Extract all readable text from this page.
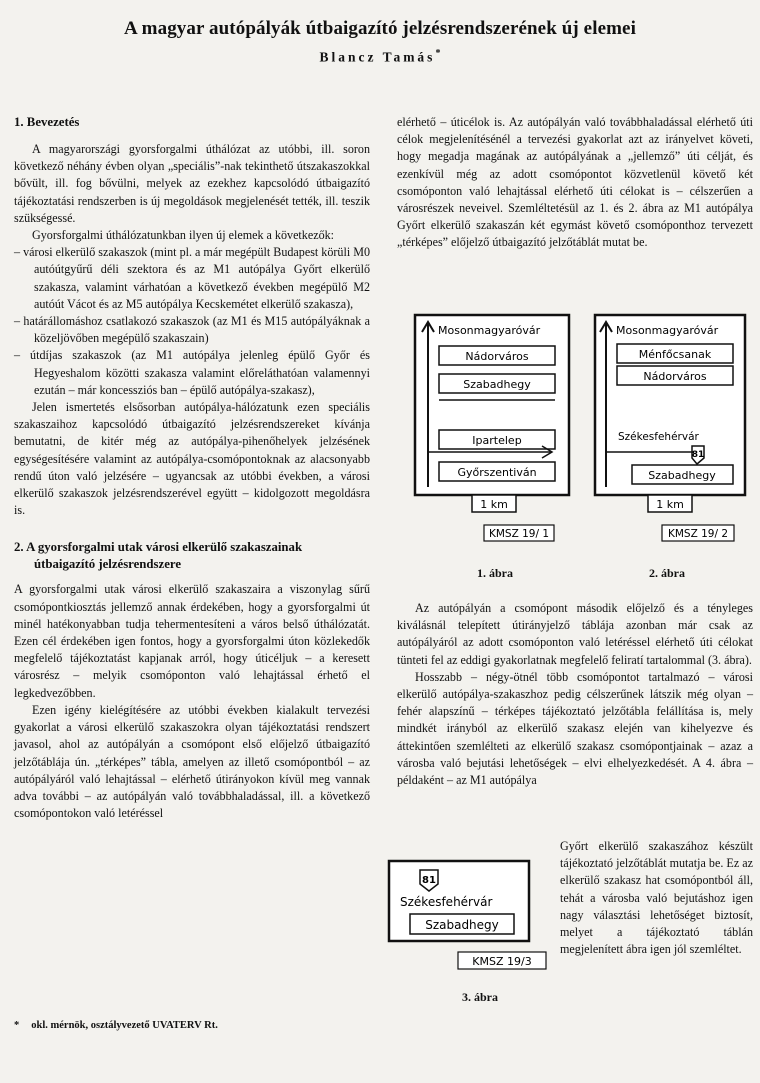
A magyar autópályák útbaigazító jelzésrendszerének új elemei
Blancz Tamás*
1. Bevezetés

A magyarországi gyorsforgalmi úthálózat az utóbbi, ill. soron következő néhány évben olyan „speciális”-nak tekinthető útszakaszokkal bővült, ill. fog bővülni, melyek az ezekhez kapcsolódó útbaigazító tájékoztatási rendszerben is új megoldások megjelenését tették, ill. teszik szükségessé.

Gyorsforgalmi úthálózatunkban ilyen új elemek a következők:

– városi elkerülő szakaszok (mint pl. a már megépült Budapest körüli M0 autóútgyűrű déli szektora és az M1 autópálya Győrt elkerülő szakasza, valamint várhatóan a következő években megépülő M2 autóút Vácot és az M5 autópálya Kecskemétet elkerülő szakasza),
– határállomáshoz csatlakozó szakaszok (az M1 és M15 autópályáknak a közeljövőben megépülő szakaszain)
– útdíjas szakaszok (az M1 autópálya jelenleg épülő Győr és Hegyeshalom közötti szakasza valamint előreláthatóan valamennyi ezután – már koncessziós ban – épülő autópálya-szakasz),

Jelen ismertetés elsősorban autópálya-hálózatunk ezen speciális szakaszaihoz kapcsolódó útbaigazító jelzésrendszereket kívánja bemutatni, de kitér még az autópálya-pihenőhelyek jelzésének egységesítésére valamint az autópálya-csomópontoknak az alacsonyabb rendű úton való jelzésére – ugyancsak az utóbbi években, a városi elkerülő szakaszok jelzésrendszerével együtt – kidolgozott megoldásra is.

2. A gyorsforgalmi utak városi elkerülő szakaszainak
útbaigazító jelzésrendszere

A gyorsforgalmi utak városi elkerülő szakaszaira a viszonylag sűrű csomópontkiosztás jellemző annak érdekében, hogy a gyorsforgalmi út minél hatékonyabban tudja tehermentesíteni a város belső úthálózatát. Ezen cél érdekében igen fontos, hogy a gyorsforgalmi úton közlekedők megfelelő tájékoztatást kapjanak arról, hogy úticéljuk – a keresett városrész – melyik csomóponton való lehajtással érhető el legkedvezőbben.

Ezen igény kielégítésére az utóbbi években kialakult tervezési gyakorlat a városi elkerülő szakaszokra olyan tájékoztatási rendszert javasol, ahol az autópályán a csomópont első előjelző útbaigazító jelzőtáblája ún. „térképes” tábla, amelyen az illető csomópontból – az autópályáról való lehajtással – elérhető útirányokon kívül meg vannak adva további – az autópályán való továbbhaladással, ill. a következő csomópontokon való letéréssel

elérhető – úticélok is. Az autópályán való továbbhaladással elérhető úti célok megjelenítésénél a tervezési gyakorlat azt az irányelvet követi, hogy megadja magának az autópályának a „jellemző” úti célját, és ezenkívül még az adott csomópontot közvetlenül követő két csomóponton való lehajtással elérhető úti célokat is – célszerűen a városrészek neveivel. Szemléltetésül az 1. és 2. ábra az M1 autópálya Győrt elkerülő szakaszán két egymást követő csomóponthoz tervezett „térképes” előjelző útbaigazító jelzőtáblát mutat be.

Mosonmagyaróvár
Nádorváros
Szabadhegy
Ipartelep
Győrszentiván
1 km
KMSZ 19/ 1
1. ábra
Mosonmagyaróvár
Ménfőcsanak
Nádorváros
Székesfehérvár
81
Szabadhegy
1 km
KMSZ 19/ 2
2. ábra

Az autópályán a csomópont második előjelző és a tényleges kiválásnál telepített útirányjelző táblája azonban már csak az autópályáról az adott csomóponton való letéréssel elérhető úti célokat tünteti fel az eddigi gyakorlatnak megfelelő feliratí tartalommal (3. ábra).

Hosszabb – négy-ötnél több csomópontot tartalmazó – városi elkerülő autópálya-szakaszhoz pedig célszerűnek látszik még olyan – fehér alapszínű – térképes tájékoztató jelzőtábla felállítása is, mely mindkét irányból az elkerülő szakasz elején van kihelyezve és áttekintően szemlélteti az elkerülő szakasz csomópontjainak – azaz a városba való bejutási lehetőségek – elvi elhelyezkedését. A 4. ábra – példaként – az M1 autópálya

81
Székesfehérvár
Szabadhegy
KMSZ 19/3
3. ábra

Győrt elkerülő szakaszához készült tájékoztató jelzőtáblát mutatja be. Ez az elkerülő szakasz hat csomópontból áll, tehát a városba való bejutáshoz igen nagy választási lehetőséget biztosít, melyet a tájékoztató táblán megjelenített ábra igen jól szemléltet.

* okl. mérnök, osztályvezető UVATERV Rt.
